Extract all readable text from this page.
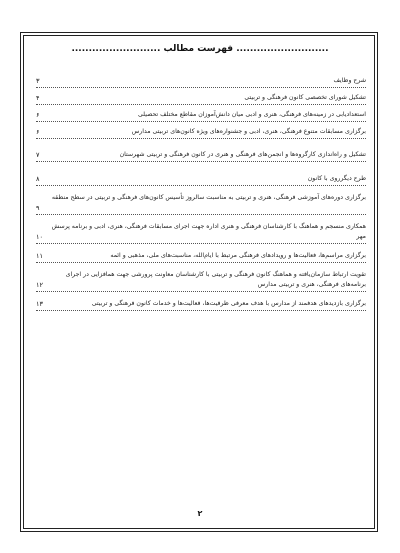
........................... فهرست مطالب ..........................
شرح وظایف
۳
تشکیل شورای تخصصی کانون فرهنگی و تربیتی
۴
استعدادیابی در زمینه‌های فرهنگی، هنری و ادبی میان دانش‌آموزان مقاطع مختلف تحصیلی
۶
برگزاری مسابقات متنوع فرهنگی، هنری، ادبی و جشنواره‌های ویژه کانون‌های تربیتی مدارس
۶
تشکیل و راه‌اندازی کارگروه‌ها و انجمن‌های فرهنگی و هنری در کانون فرهنگی و تربیتی شهرستان
۷
طرح دیگرروی با کانون
۸
برگزاری دوره‌های آموزشی فرهنگی، هنری و تربیتی به مناسبت سالروز تأسیس کانون‌های فرهنگی و تربیتی در سطح منطقه
۹
همکاری منسجم و هماهنگ با کارشناسان فرهنگی و هنری اداره جهت اجرای مسابقات فرهنگی، هنری، ادبی و برنامه پرسش مهر
۱۰
برگزاری مراسم‌ها، فعالیت‌ها و رویدادهای فرهنگی مرتبط با ایام‌الله، مناسبت‌های ملی، مذهبی و ائمه
۱۱
تقویت ارتباط سازمان‌یافته و هماهنگ کانون فرهنگی و تربیتی با کارشناسان معاونت پرورشی جهت همافزایی در اجرای برنامه‌های فرهنگی، هنری و تربیتی مدارس
۱۲
برگزاری بازدیدهای هدفمند از مدارس با هدف معرفی ظرفیت‌ها، فعالیت‌ها و خدمات کانون فرهنگی و تربیتی
۱۳
۲
